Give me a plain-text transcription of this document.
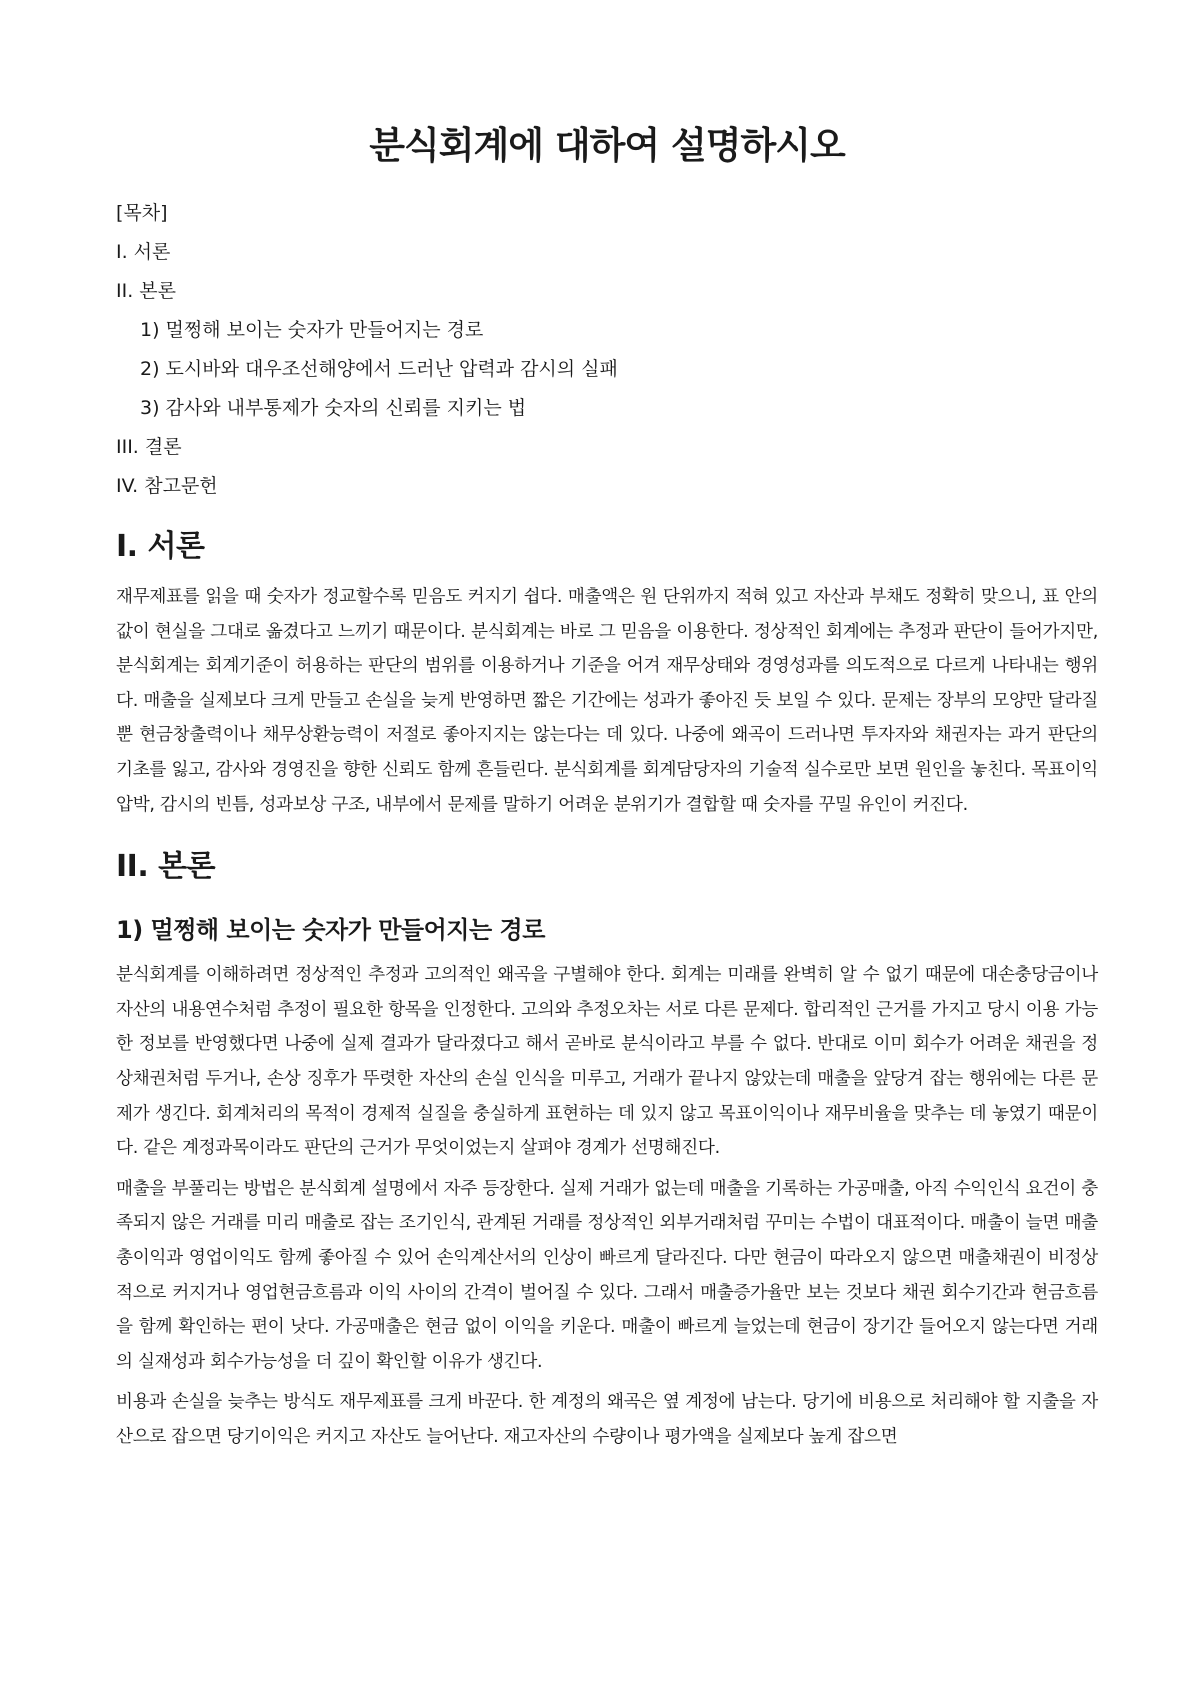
분식회계에 대하여 설명하시오
[목차]
I. 서론
II. 본론
1) 멀쩡해 보이는 숫자가 만들어지는 경로
2) 도시바와 대우조선해양에서 드러난 압력과 감시의 실패
3) 감사와 내부통제가 숫자의 신뢰를 지키는 법
III. 결론
IV. 참고문헌
I. 서론

재무제표를 읽을 때 숫자가 정교할수록 믿음도 커지기 쉽다. 매출액은 원 단위까지 적혀 있고 자산과 부채도 정확히 맞으니, 표 안의 값이 현실을 그대로 옮겼다고 느끼기 때문이다. 분식회계는 바로 그 믿음을 이용한다. 정상적인 회계에는 추정과 판단이 들어가지만, 분식회계는 회계기준이 허용하는 판단의 범위를 이용하거나 기준을 어겨 재무상태와 경영성과를 의도적으로 다르게 나타내는 행위다. 매출을 실제보다 크게 만들고 손실을 늦게 반영하면 짧은 기간에는 성과가 좋아진 듯 보일 수 있다. 문제는 장부의 모양만 달라질 뿐 현금창출력이나 채무상환능력이 저절로 좋아지지는 않는다는 데 있다. 나중에 왜곡이 드러나면 투자자와 채권자는 과거 판단의 기초를 잃고, 감사와 경영진을 향한 신뢰도 함께 흔들린다. 분식회계를 회계담당자의 기술적 실수로만 보면 원인을 놓친다. 목표이익 압박, 감시의 빈틈, 성과보상 구조, 내부에서 문제를 말하기 어려운 분위기가 결합할 때 숫자를 꾸밀 유인이 커진다.

II. 본론
1) 멀쩡해 보이는 숫자가 만들어지는 경로

분식회계를 이해하려면 정상적인 추정과 고의적인 왜곡을 구별해야 한다. 회계는 미래를 완벽히 알 수 없기 때문에 대손충당금이나 자산의 내용연수처럼 추정이 필요한 항목을 인정한다. 고의와 추정오차는 서로 다른 문제다. 합리적인 근거를 가지고 당시 이용 가능한 정보를 반영했다면 나중에 실제 결과가 달라졌다고 해서 곧바로 분식이라고 부를 수 없다. 반대로 이미 회수가 어려운 채권을 정상채권처럼 두거나, 손상 징후가 뚜렷한 자산의 손실 인식을 미루고, 거래가 끝나지 않았는데 매출을 앞당겨 잡는 행위에는 다른 문제가 생긴다. 회계처리의 목적이 경제적 실질을 충실하게 표현하는 데 있지 않고 목표이익이나 재무비율을 맞추는 데 놓였기 때문이다. 같은 계정과목이라도 판단의 근거가 무엇이었는지 살펴야 경계가 선명해진다.

매출을 부풀리는 방법은 분식회계 설명에서 자주 등장한다. 실제 거래가 없는데 매출을 기록하는 가공매출, 아직 수익인식 요건이 충족되지 않은 거래를 미리 매출로 잡는 조기인식, 관계된 거래를 정상적인 외부거래처럼 꾸미는 수법이 대표적이다. 매출이 늘면 매출총이익과 영업이익도 함께 좋아질 수 있어 손익계산서의 인상이 빠르게 달라진다. 다만 현금이 따라오지 않으면 매출채권이 비정상적으로 커지거나 영업현금흐름과 이익 사이의 간격이 벌어질 수 있다. 그래서 매출증가율만 보는 것보다 채권 회수기간과 현금흐름을 함께 확인하는 편이 낫다. 가공매출은 현금 없이 이익을 키운다. 매출이 빠르게 늘었는데 현금이 장기간 들어오지 않는다면 거래의 실재성과 회수가능성을 더 깊이 확인할 이유가 생긴다.

비용과 손실을 늦추는 방식도 재무제표를 크게 바꾼다. 한 계정의 왜곡은 옆 계정에 남는다. 당기에 비용으로 처리해야 할 지출을 자산으로 잡으면 당기이익은 커지고 자산도 늘어난다. 재고자산의 수량이나 평가액을 실제보다 높게 잡으면
